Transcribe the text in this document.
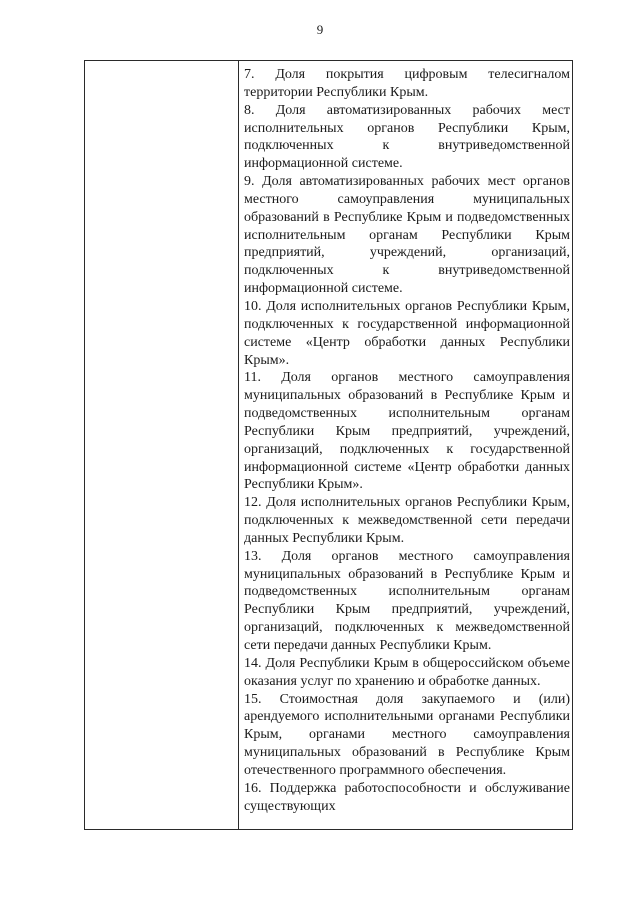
9

7. Доля покрытия цифровым телесигналом территории Республики Крым.

8. Доля автоматизированных рабочих мест исполнительных органов Республики Крым, подключенных к внутриведомственной информационной системе.

9. Доля автоматизированных рабочих мест органов местного самоуправления муниципальных образований в Республике Крым и подведомственных исполнительным органам Республики Крым предприятий, учреждений, организаций, подключенных к внутриведомственной информационной системе.

10. Доля исполнительных органов Республики Крым, подключенных к государственной информационной системе «Центр обработки данных Республики Крым».

11. Доля органов местного самоуправления муниципальных образований в Республике Крым и подведомственных исполнительным органам Республики Крым предприятий, учреждений, организаций, подключенных к государственной информационной системе «Центр обработки данных Республики Крым».

12. Доля исполнительных органов Республики Крым, подключенных к межведомственной сети передачи данных Республики Крым.

13. Доля органов местного самоуправления муниципальных образований в Республике Крым и подведомственных исполнительным органам Республики Крым предприятий, учреждений, организаций, подключенных к межведомственной сети передачи данных Республики Крым.

14. Доля Республики Крым в общероссийском объеме оказания услуг по хранению и обработке данных.

15. Стоимостная доля закупаемого и (или) арендуемого исполнительными органами Республики Крым, органами местного самоуправления муниципальных образований в Республике Крым отечественного программного обеспечения.

16. Поддержка работоспособности и обслуживание существующих
